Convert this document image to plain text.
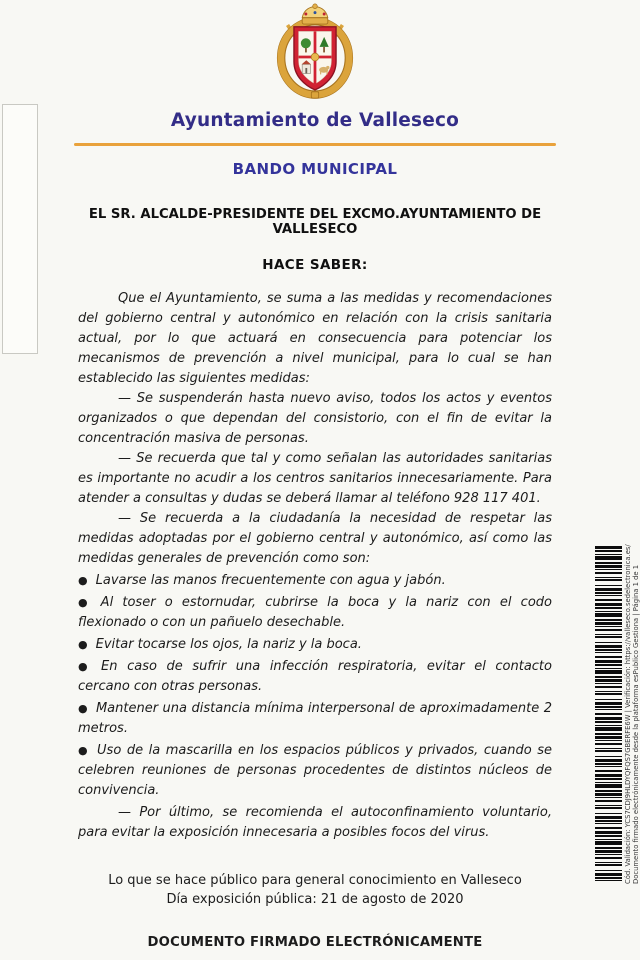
Ayuntamiento de Valleseco
BANDO MUNICIPAL

EL SR. ALCALDE-PRESIDENTE DEL EXCMO.AYUNTAMIENTO DE VALLESECO

HACE SABER:

Que el Ayuntamiento, se suma a las medidas y recomendaciones del gobierno central y autonómico en relación con la crisis sanitaria actual, por lo que actuará en consecuencia para potenciar los mecanismos de prevención a nivel municipal, para lo cual se han establecido las siguientes medidas:

— Se suspenderán hasta nuevo aviso, todos los actos y eventos organizados o que dependan del consistorio, con el fin de evitar la concentración masiva de personas.

— Se recuerda que tal y como señalan las autoridades sanitarias es importante no acudir a los centros sanitarios innecesariamente. Para atender a consultas y dudas se deberá llamar al teléfono 928 117 401.

— Se recuerda a la ciudadanía la necesidad de respetar las medidas adoptadas por el gobierno central y autonómico, así como las medidas generales de prevención como son:

● Lavarse las manos frecuentemente con agua y jabón.

● Al toser o estornudar, cubrirse la boca y la nariz con el codo flexionado o con un pañuelo desechable.

● Evitar tocarse los ojos, la nariz y la boca.

● En caso de sufrir una infección respiratoria, evitar el contacto cercano con otras personas.

● Mantener una distancia mínima interpersonal de aproximadamente 2 metros.

● Uso de la mascarilla en los espacios públicos y privados, cuando se celebren reuniones de personas procedentes de distintos núcleos de convivencia.

— Por último, se recomienda el autoconfinamiento voluntario, para evitar la exposición innecesaria a posibles focos del virus.

Lo que se hace público para general conocimiento en Valleseco

Día exposición pública: 21 de agosto de 2020

DOCUMENTO FIRMADO ELECTRÓNICAMENTE

Cód. Validación: YCS7CDJ9HLDYQFQS7GBERFE6W | Verificación: https://valleseco.sedelectronica.es/ Documento firmado electrónicamente desde la plataforma esPublico Gestiona | Página 1 de 1
